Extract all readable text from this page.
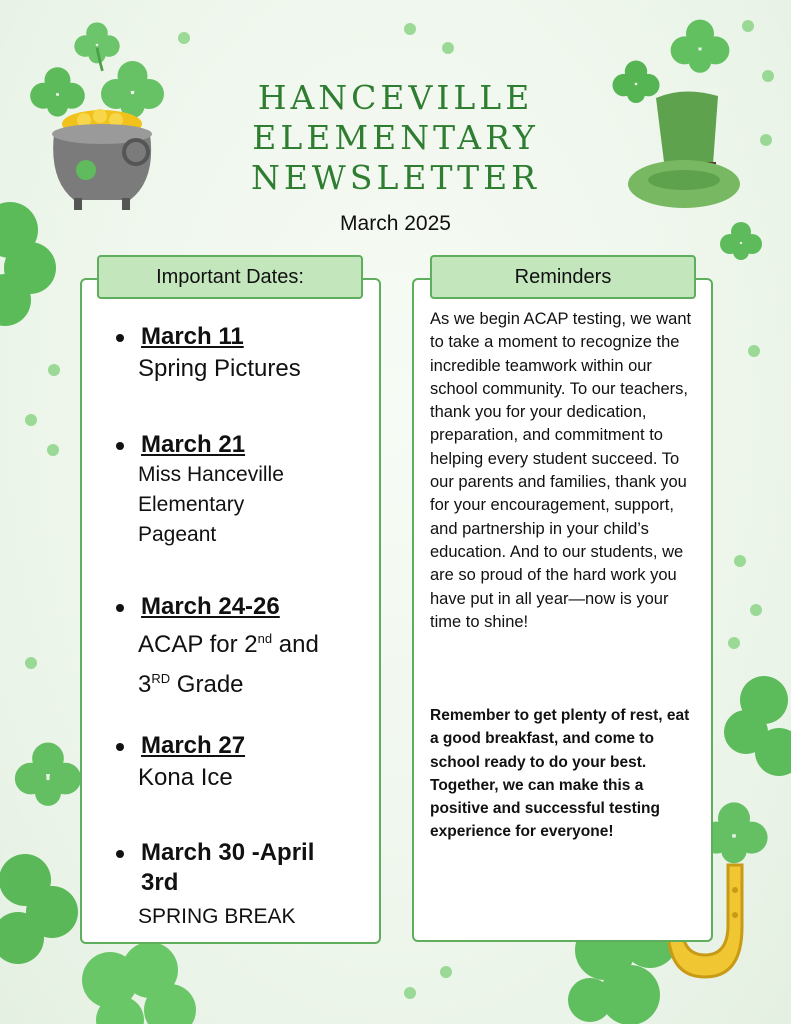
HANCEVILLE
ELEMENTARY
NEWSLETTER
March 2025
Important Dates:
March 11
Spring Pictures
March 21
Miss Hanceville
Elementary
Pageant
March 24-26
ACAP for 2nd and
3RD Grade
March 27
Kona Ice
March 30 -April
3rd
SPRING BREAK
Reminders
As we begin ACAP testing, we want to take a moment to recognize the incredible teamwork within our school community. To our teachers, thank you for your dedication, preparation, and commitment to helping every student succeed. To our parents and families, thank you for your encouragement, support, and partnership in your child’s education. And to our students, we are so proud of the hard work you have put in all year—now is your time to shine!
Remember to get plenty of rest, eat a good breakfast, and come to school ready to do your best. Together, we can make this a positive and successful testing experience for everyone!
